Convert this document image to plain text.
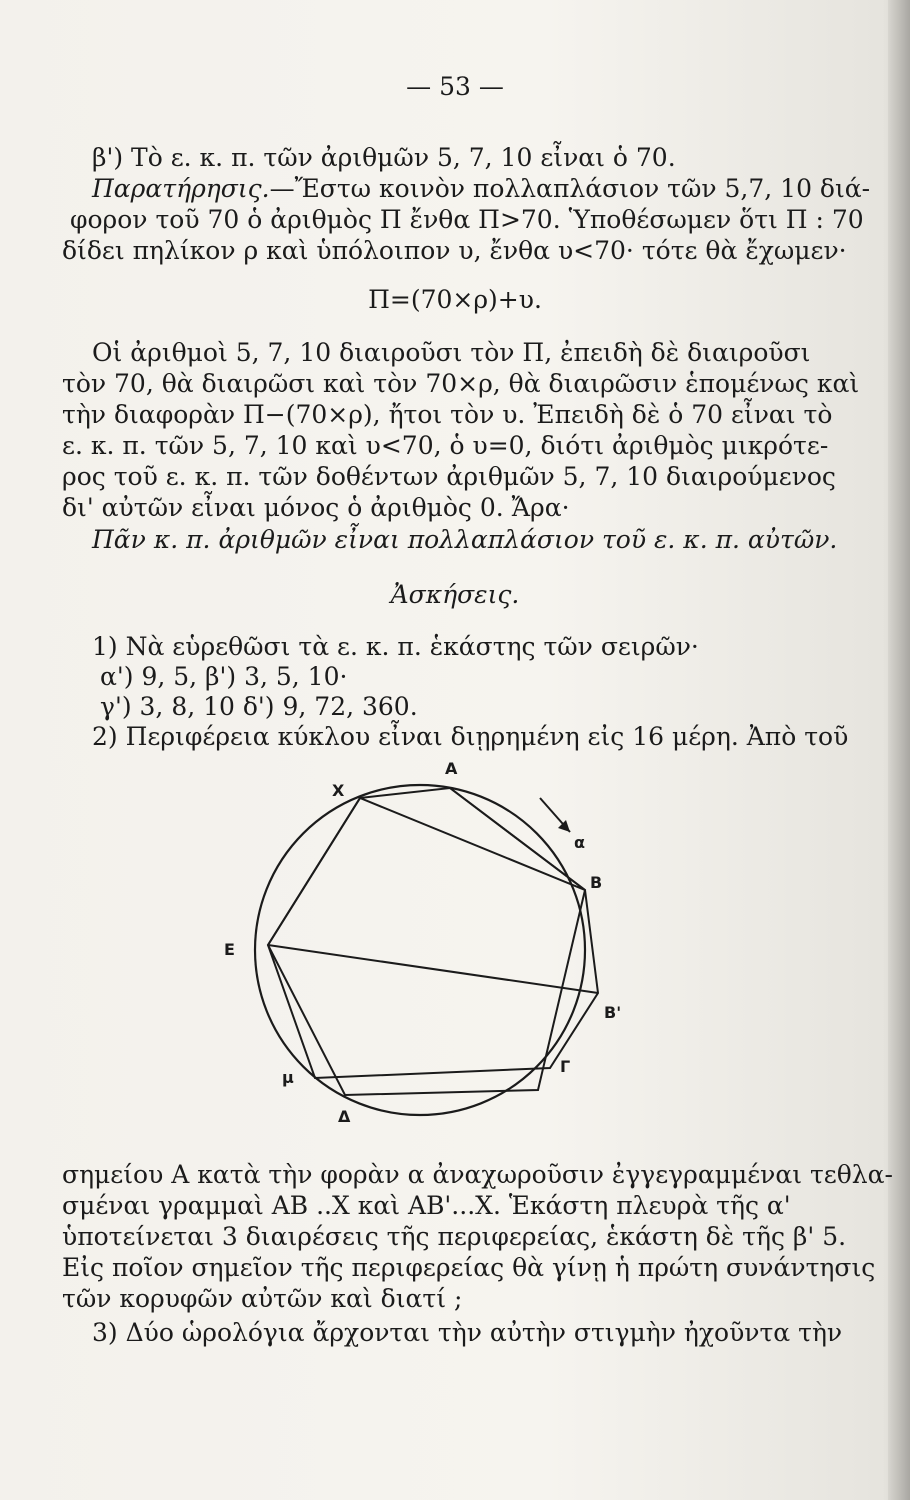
— 53 —
β') Τὸ ε. κ. π. τῶν ἀριθμῶν 5, 7, 10 εἶναι ὁ 70.
Παρατήρησις.—Ἔστω κοινὸν πολλαπλάσιον τῶν 5,7, 10 διά-
φορον τοῦ 70 ὁ ἀριθμὸς Π ἔνθα Π>70. Ὑποθέσωμεν ὅτι Π : 70
δίδει πηλίκον ρ καὶ ὑπόλοιπον υ, ἔνθα υ<70· τότε θὰ ἔχωμεν·
Π=(70×ρ)+υ.
Οἱ ἀριθμοὶ 5, 7, 10 διαιροῦσι τὸν Π, ἐπειδὴ δὲ διαιροῦσι
τὸν 70, θὰ διαιρῶσι καὶ τὸν 70×ρ, θὰ διαιρῶσιν ἑπομένως καὶ
τὴν διαφορὰν Π−(70×ρ), ἤτοι τὸν υ. Ἐπειδὴ δὲ ὁ 70 εἶναι τὸ
ε. κ. π. τῶν 5, 7, 10 καὶ υ<70, ὁ υ=0, διότι ἀριθμὸς μικρότε-
ρος τοῦ ε. κ. π. τῶν δοθέντων ἀριθμῶν 5, 7, 10 διαιρούμενος
δι' αὐτῶν εἶναι μόνος ὁ ἀριθμὸς 0. Ἄρα·
Πᾶν κ. π. ἀριθμῶν εἶναι πολλαπλάσιον τοῦ ε. κ. π. αὐτῶν.
Ἀσκήσεις.
1) Νὰ εὑρεθῶσι τὰ ε. κ. π. ἑκάστης τῶν σειρῶν·
α') 9, 5, β') 3, 5, 10·
γ') 3, 8, 10 δ') 9, 72, 360.
2) Περιφέρεια κύκλου εἶναι διῃρημένη εἰς 16 μέρη. Ἀπὸ τοῦ
Α
Χ
Β
Β'
Γ
Δ
μ
Ε
α
σημείου Α κατὰ τὴν φορὰν α ἀναχωροῦσιν ἐγγεγραμμέναι τεθλα-
σμέναι γραμμαὶ ΑΒ ..Χ καὶ ΑΒ'...Χ. Ἑκάστη πλευρὰ τῆς α'
ὑποτείνεται 3 διαιρέσεις τῆς περιφερείας, ἑκάστη δὲ τῆς β' 5.
Εἰς ποῖον σημεῖον τῆς περιφερείας θὰ γίνῃ ἡ πρώτη συνάντησις
τῶν κορυφῶν αὐτῶν καὶ διατί ;
3) Δύο ὡρολόγια ἄρχονται τὴν αὐτὴν στιγμὴν ἠχοῦντα τὴν
